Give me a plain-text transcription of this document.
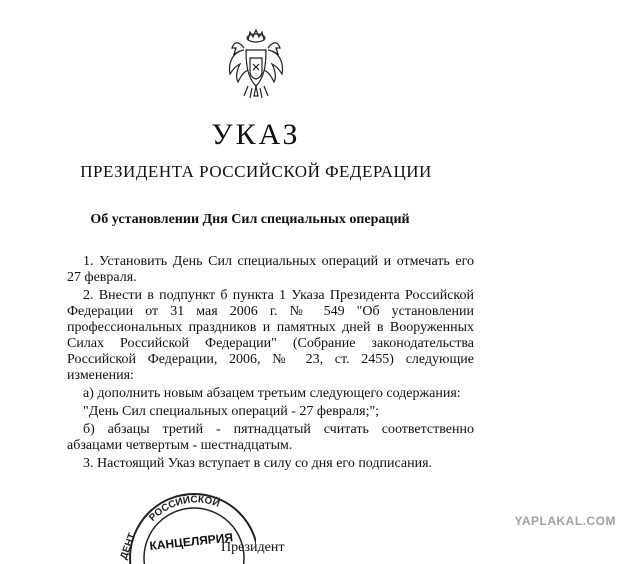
УКАЗ
ПРЕЗИДЕНТА РОССИЙСКОЙ ФЕДЕРАЦИИ
Об установлении Дня Сил специальных операций

1. Установить День Сил специальных операций и отмечать его 27 февраля.

2. Внести в подпункт б пункта 1 Указа Президента Российской Федерации от 31 мая 2006 г. № 549 "Об установлении профессиональных праздников и памятных дней в Вооруженных Силах Российской Федерации" (Собрание законодательства Российской Федерации, 2006, № 23, ст. 2455) следующие изменения:

а) дополнить новым абзацем третьим следующего содержания:

"День Сил специальных операций - 27 февраля;";

б) абзацы третий - пятнадцатый считать соответственно абзацами четвертым - шестнадцатым.

3. Настоящий Указ вступает в силу со дня его подписания.

РОССИЙСКОЙ
ДЕНТ КАНЦЕЛЯРИЯ
Президент
YAPLAKAL.COM
